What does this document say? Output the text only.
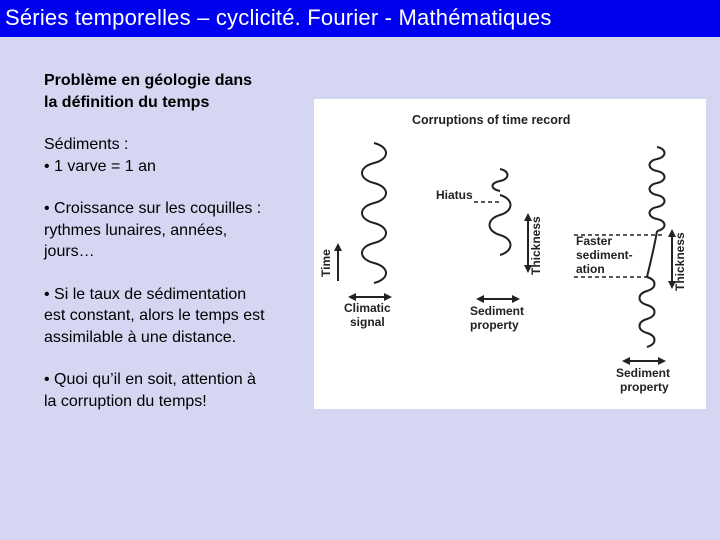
Séries temporelles – cyclicité. Fourier - Mathématiques
Problème en géologie dans
la définition du temps
Sédiments :
• 1 varve = 1 an
• Croissance sur les coquilles :
rythmes lunaires, années,
jours…
• Si le taux de sédimentation
est constant, alors le temps est
assimilable à une distance.
• Quoi qu’il en soit, attention à
la corruption du temps!
Corruptions of time record
Time
Climatic
signal
Hiatus
Thickness
Sediment
property
Faster
sediment-
ation	Thickness
Sediment
property
